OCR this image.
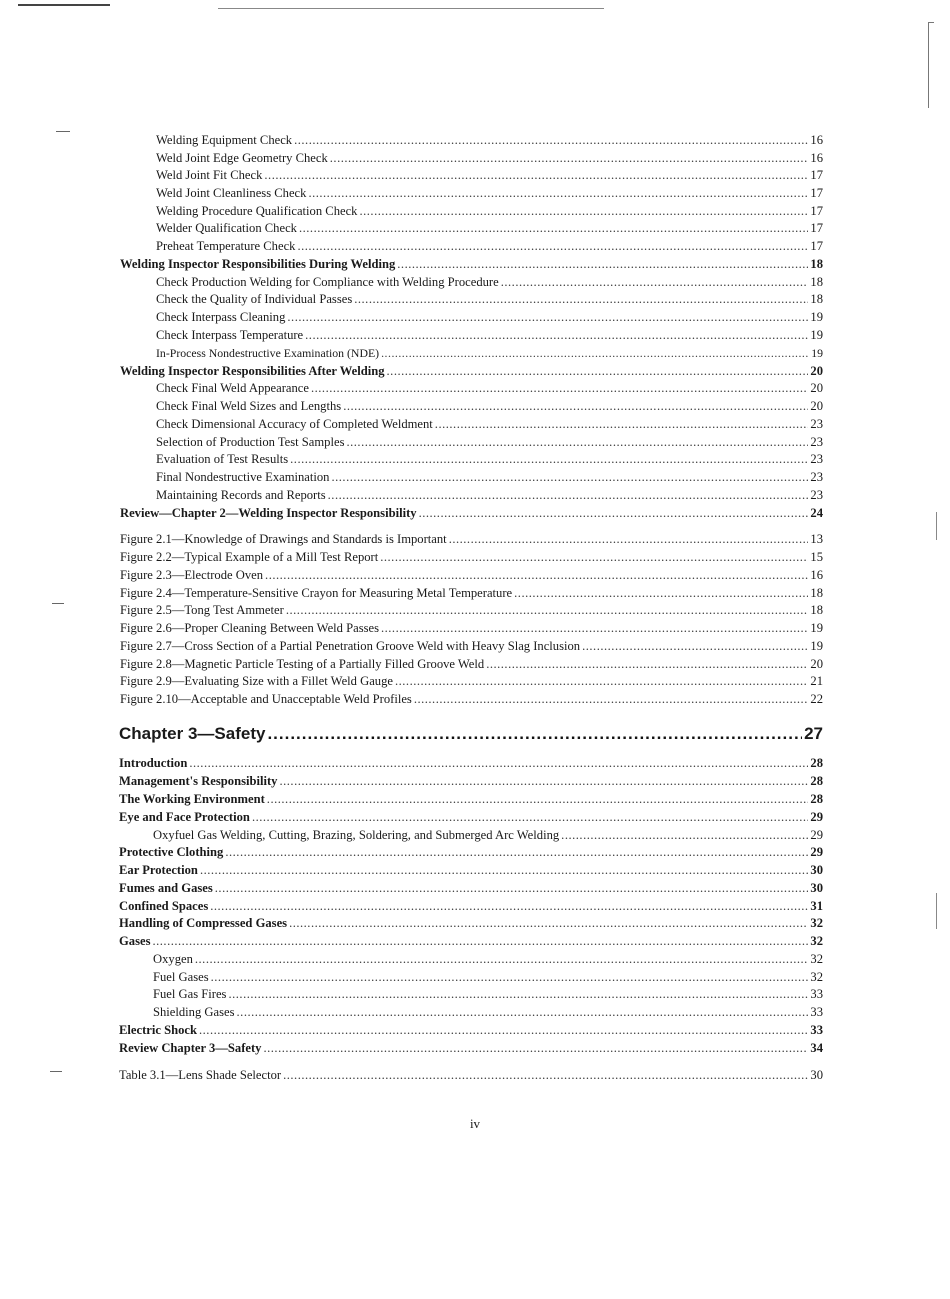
Welding Equipment Check .....	16
Weld Joint Edge Geometry Check .....	16
Weld Joint Fit Check .....	17
Weld Joint Cleanliness Check .....	17
Welding Procedure Qualification Check .....	17
Welder Qualification Check .....	17
Preheat Temperature Check .....	17
Welding Inspector Responsibilities During Welding .....	18
Check Production Welding for Compliance with Welding Procedure .....	18
Check the Quality of Individual Passes .....	18
Check Interpass Cleaning .....	19
Check Interpass Temperature .....	19
In-Process Nondestructive Examination (NDE) .....	19
Welding Inspector Responsibilities After Welding .....	20
Check Final Weld Appearance .....	20
Check Final Weld Sizes and Lengths .....	20
Check Dimensional Accuracy of Completed Weldment .....	23
Selection of Production Test Samples .....	23
Evaluation of Test Results .....	23
Final Nondestructive Examination .....	23
Maintaining Records and Reports .....	23
Review—Chapter 2—Welding Inspector Responsibility .....	24
Figure 2.1—Knowledge of Drawings and Standards is Important .....	13
Figure 2.2—Typical Example of a Mill Test Report .....	15
Figure 2.3—Electrode Oven .....	16
Figure 2.4—Temperature-Sensitive Crayon for Measuring Metal Temperature .....	18
Figure 2.5—Tong Test Ammeter .....	18
Figure 2.6—Proper Cleaning Between Weld Passes .....	19
Figure 2.7—Cross Section of a Partial Penetration Groove Weld with Heavy Slag Inclusion .....	19
Figure 2.8—Magnetic Particle Testing of a Partially Filled Groove Weld .....	20
Figure 2.9—Evaluating Size with a Fillet Weld Gauge .....	21
Figure 2.10—Acceptable and Unacceptable Weld Profiles .....	22
Chapter 3—Safety .....	27
Introduction .....	28
Management's Responsibility .....	28
The Working Environment .....	28
Eye and Face Protection .....	29
Oxyfuel Gas Welding, Cutting, Brazing, Soldering, and Submerged Arc Welding .....	29
Protective Clothing .....	29
Ear Protection .....	30
Fumes and Gases .....	30
Confined Spaces .....	31
Handling of Compressed Gases .....	32
Gases .....	32
Oxygen .....	32
Fuel Gases .....	32
Fuel Gas Fires .....	33
Shielding Gases .....	33
Electric Shock .....	33
Review Chapter 3—Safety .....	34
Table 3.1—Lens Shade Selector .....	30
iv
